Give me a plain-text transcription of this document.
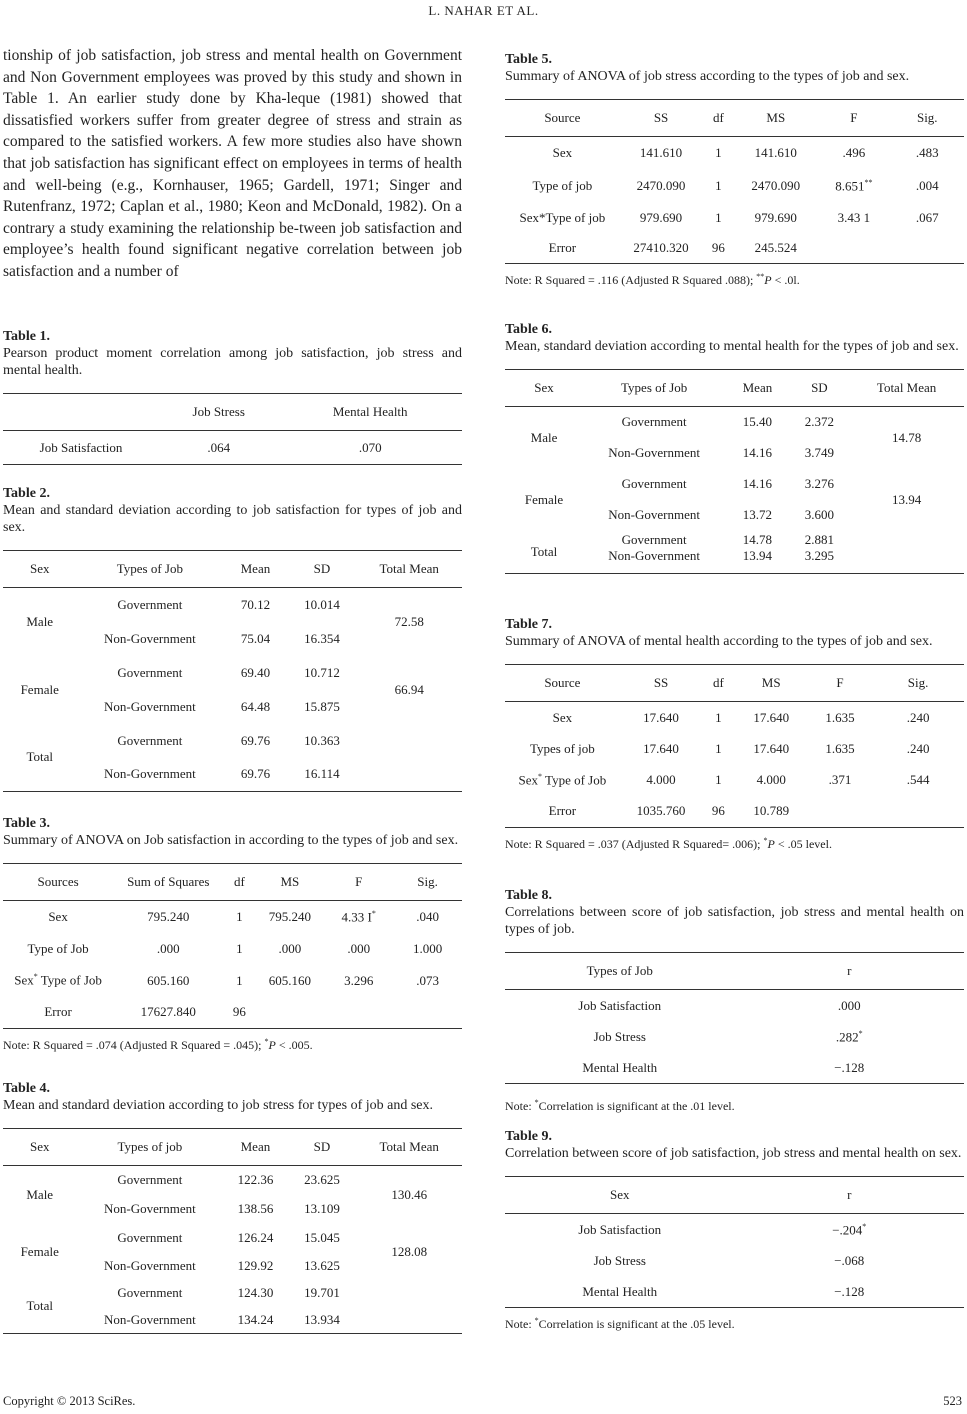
L. NAHAR ET AL.

tionship of job satisfaction, job stress and mental health on Government and Non Government employees was proved by this study and shown in Table 1. An earlier study done by Kha-leque (1981) showed that dissatisfied workers suffer from greater degree of stress and strain as compared to the satisfied workers. A few more studies also have shown that job satisfaction has significant effect on employees in terms of health and well-being (e.g., Kornhauser, 1965; Gardell, 1971; Singer and Rutenfranz, 1972; Caplan et al., 1980; Keon and McDonald, 1982). On a contrary a study examining the relationship be-tween job satisfaction and employee’s health found significant negative correlation between job satisfaction and a number of

Table 1.

Pearson product moment correlation among job satisfaction, job stress and mental health.

	Job Stress	Mental Health
Job Satisfaction	.064	.070

Table 2.

Mean and standard deviation according to job satisfaction for types of job and sex.

Sex	Types of Job	Mean	SD	Total Mean
Male	Government	70.12	10.014	72.58
	Non-Government	75.04	16.354	
Female	Government	69.40	10.712	66.94
	Non-Government	64.48	15.875	
Total	Government	69.76	10.363	
	Non-Government	69.76	16.114	

Table 3.

Summary of ANOVA on Job satisfaction in according to the types of job and sex.

Sources	Sum of Squares	df	MS	F	Sig.
Sex	795.240	1	795.240	4.33 I*	.040
Type of Job	.000	1	.000	.000	1.000
Sex* Type of Job	605.160	1	605.160	3.296	.073
Error	17627.840	96			
Note: R Squared = .074 (Adjusted R Squared = .045); *P < .005.

Table 4.

Mean and standard deviation according to job stress for types of job and sex.

Sex	Types of job	Mean	SD	Total Mean
Male	Government	122.36	23.625	130.46
	Non-Government	138.56	13.109	
Female	Government	126.24	15.045	128.08
	Non-Government	129.92	13.625	
Total	Government	124.30	19.701	
	Non-Government	134.24	13.934	

Table 5.

Summary of ANOVA of job stress according to the types of job and sex.

Source	SS	df	MS	F	Sig.
Sex	141.610	1	141.610	.496	.483
Type of job	2470.090	1	2470.090	8.651**	.004
Sex*Type of job	979.690	1	979.690	3.43 1	.067
Error	27410.320	96	245.524		
Note: R Squared = .116 (Adjusted R Squared .088); **P < .0l.

Table 6.

Mean, standard deviation according to mental health for the types of job and sex.

Sex	Types of Job	Mean	SD	Total Mean
Male	Government	15.40	2.372	14.78
	Non-Government	14.16	3.749	
Female	Government	14.16	3.276	13.94
	Non-Government	13.72	3.600	
Total	Government	14.78	2.881	
	Non-Government	13.94	3.295	

Table 7.

Summary of ANOVA of mental health according to the types of job and sex.

Source	SS	df	MS	F	Sig.
Sex	17.640	1	17.640	1.635	.240
Types of job	17.640	1	17.640	1.635	.240
Sex* Type of Job	4.000	1	4.000	.371	.544
Error	1035.760	96	10.789		
Note: R Squared = .037 (Adjusted R Squared= .006); *P < .05 level.

Table 8.

Correlations between score of job satisfaction, job stress and mental health on types of job.

Types of Job	r
Job Satisfaction	.000
Job Stress	.282*
Mental Health	−.128
Note: *Correlation is significant at the .01 level.

Table 9.

Correlation between score of job satisfaction, job stress and mental health on sex.

Sex	r
Job Satisfaction	−.204*
Job Stress	−.068
Mental Health	−.128
Note: *Correlation is significant at the .05 level.
Copyright © 2013 SciRes.	523
